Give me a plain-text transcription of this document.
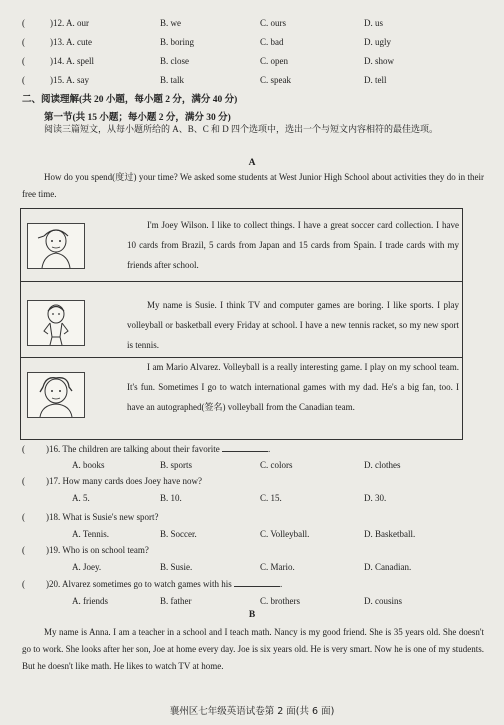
(	)12. A. our	B. we	C. ours	D. us
(	)13. A. cute	B. boring	C. bad	D. ugly
(	)14. A. spell	B. close	C. open	D. show
(	)15. A. say	B. talk	C. speak	D. tell
二、阅读理解(共 20 小题，每小题 2 分，满分 40 分)
第一节(共 15 小题；每小题 2 分，满分 30 分)
阅读三篇短文，从每小题所给的 A、B、C 和 D 四个选项中，选出一个与短文内容相符的最佳选项。
A
How do you spend(度过) your time? We asked some students at West Junior High School about activities they do in their free time.
I'm Joey Wilson. I like to collect things. I have a great soccer card collection. I have 10 cards from Brazil, 5 cards from Japan and 15 cards from Spain. I trade cards with my friends after school.
My name is Susie. I think TV and computer games are boring. I like sports. I play volleyball or basketball every Friday at school. I have a new tennis racket, so my new sport is tennis.
I am Mario Alvarez. Volleyball is a really interesting game. I play on my school team. It's fun. Sometimes I go to watch international games with my dad. He's a big fan, too. I have an autographed(签名) volleyball from the Canadian team.
( )16. The children are talking about their favorite	.
A. books	B. sports	C. colors	D. clothes
( )17. How many cards does Joey have now?
A. 5.	B. 10.	C. 15.	D. 30.
( )18. What is Susie's new sport?
A. Tennis.	B. Soccer.	C. Volleyball.	D. Basketball.
( )19. Who is on school team?
A. Joey.	B. Susie.	C. Mario.	D. Canadian.
( )20. Alvarez sometimes go to watch games with his	.
A. friends	B. father	C. brothers	D. cousins
B
My name is Anna. I am a teacher in a school and I teach math. Nancy is my good friend. She is 35 years old. She doesn't go to work. She looks after her son, Joe at home every day. Joe is six years old. He is very smart. Now he is one of my students. But he doesn't like math. He likes to watch TV at home.
襄州区七年级英语试卷第 2 面(共 6 面)
